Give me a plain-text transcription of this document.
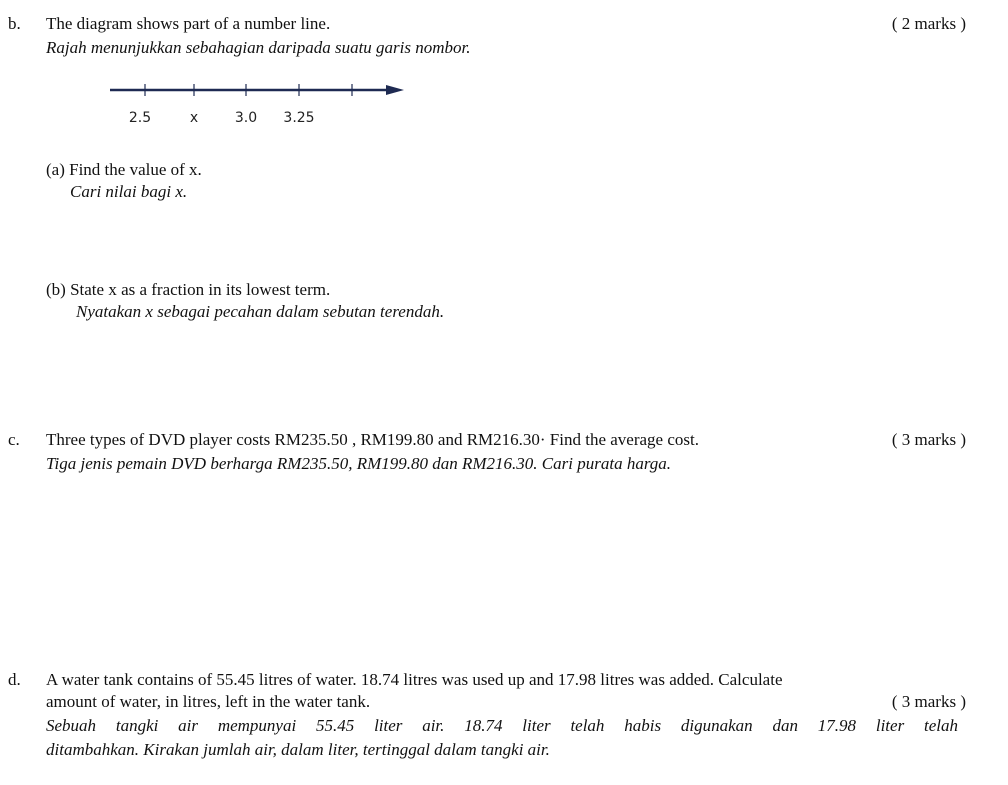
b. The diagram shows part of a number line.	( 2 marks )
Rajah menunjukkan sebahagian daripada suatu garis nombor.
2.5	x	3.0 3.25
(a) Find the value of x.
Cari nilai bagi x.
(b) State x as a fraction in its lowest term.
Nyatakan x sebagai pecahan dalam sebutan terendah.
c. Three types of DVD player costs RM235.50 , RM199.80 and RM216.30· Find the average cost.	( 3 marks )
Tiga jenis pemain DVD berharga RM235.50, RM199.80 dan RM216.30. Cari purata harga.
d. A water tank contains of 55.45 litres of water. 18.74 litres was used up and 17.98 litres was added. Calculate
amount of water, in litres, left in the water tank.	( 3 marks )
Sebuah tangki air mempunyai 55.45 liter air. 18.74 liter telah habis digunakan dan 17.98 liter telah
ditambahkan. Kirakan jumlah air, dalam liter, tertinggal dalam tangki air.
